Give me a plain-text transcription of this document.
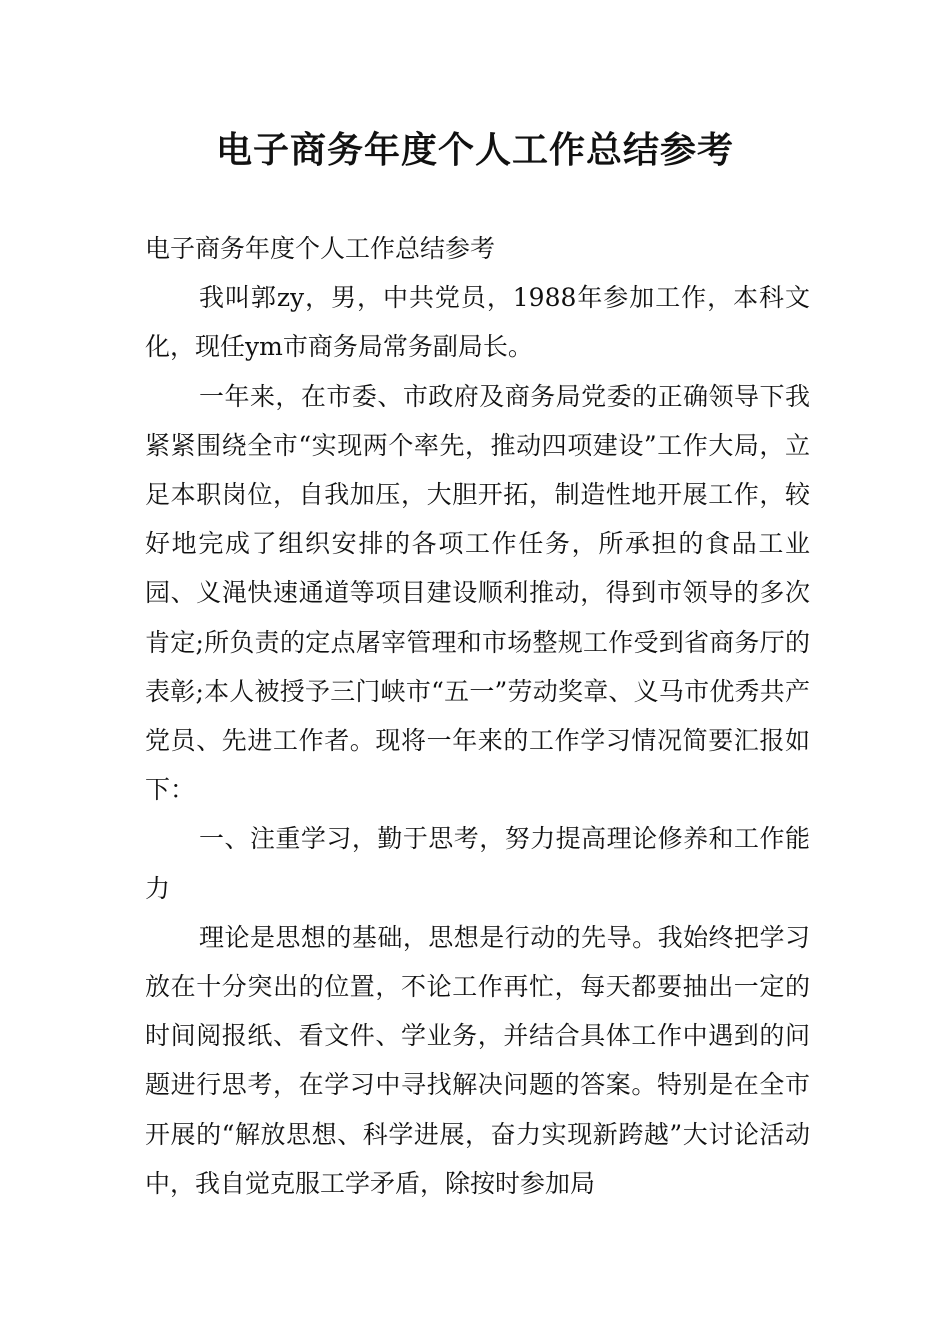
电子商务年度个人工作总结参考

电子商务年度个人工作总结参考

我叫郭zy，男，中共党员，1988年参加工作，本科文化，现任ym市商务局常务副局长。

一年来，在市委、市政府及商务局党委的正确领导下我紧紧围绕全市“实现两个率先，推动四项建设”工作大局，立足本职岗位，自我加压，大胆开拓，制造性地开展工作，较好地完成了组织安排的各项工作任务，所承担的食品工业园、义渑快速通道等项目建设顺利推动，得到市领导的多次肯定;所负责的定点屠宰管理和市场整规工作受到省商务厅的表彰;本人被授予三门峡市“五一”劳动奖章、义马市优秀共产党员、先进工作者。现将一年来的工作学习情况简要汇报如下：

一、注重学习，勤于思考，努力提高理论修养和工作能力

理论是思想的基础，思想是行动的先导。我始终把学习放在十分突出的位置，不论工作再忙，每天都要抽出一定的时间阅报纸、看文件、学业务，并结合具体工作中遇到的问题进行思考，在学习中寻找解决问题的答案。特别是在全市开展的“解放思想、科学进展，奋力实现新跨越”大讨论活动中，我自觉克服工学矛盾，除按时参加局
